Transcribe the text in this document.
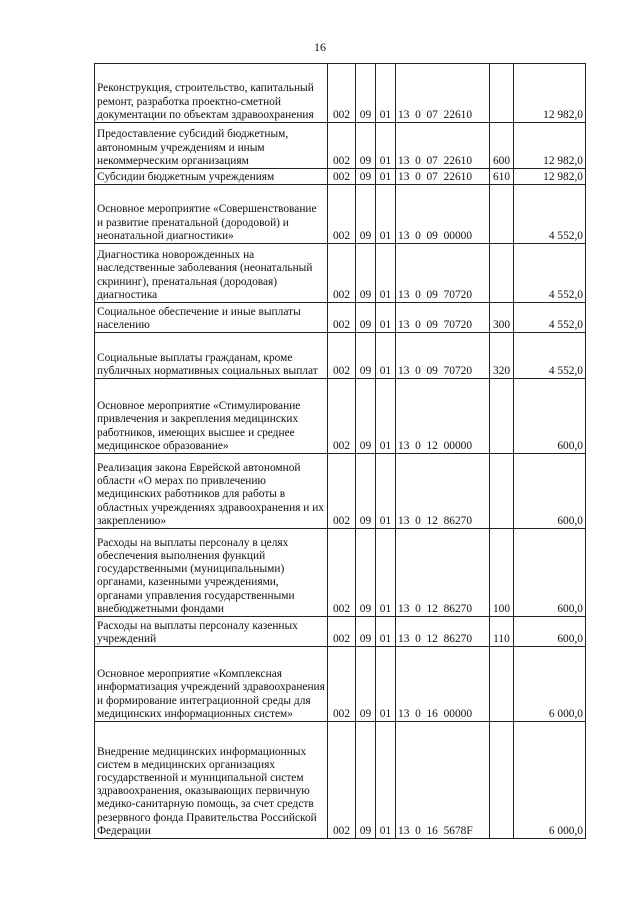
16
Реконструкция, строительство, капитальный ремонт, разработка проектно-сметной документации по объектам здравоохранения	002	09	01	13  0  07  22610		12 982,0
Предоставление субсидий бюджетным, автономным учреждениям и иным некоммерческим организациям	002	09	01	13  0  07  22610	600	12 982,0
Субсидии бюджетным учреждениям	002	09	01	13  0  07  22610	610	12 982,0
Основное мероприятие «Совершенствование и развитие пренатальной (дородовой) и неонатальной диагностики»	002	09	01	13  0  09  00000		4 552,0
Диагностика новорожденных на наследственные заболевания (неонатальный скрининг), пренатальная (дородовая) диагностика	002	09	01	13  0  09  70720		4 552,0
Социальное обеспечение и иные выплаты населению	002	09	01	13  0  09  70720	300	4 552,0
Социальные выплаты гражданам, кроме публичных нормативных социальных выплат	002	09	01	13  0  09  70720	320	4 552,0
Основное мероприятие «Стимулирование привлечения и закрепления медицинских работников, имеющих высшее и среднее медицинское образование»	002	09	01	13  0  12  00000		600,0
Реализация закона Еврейской автономной области «О мерах по привлечению медицинских работников для работы в областных учреждениях здравоохранения и их закреплению»	002	09	01	13  0  12  86270		600,0
Расходы на выплаты персоналу в целях обеспечения выполнения функций государственными (муниципальными) органами, казенными учреждениями, органами управления государственными внебюджетными фондами	002	09	01	13  0  12  86270	100	600,0
Расходы на выплаты персоналу казенных учреждений	002	09	01	13  0  12  86270	110	600,0
Основное мероприятие «Комплексная информатизация учреждений здравоохранения и формирование интеграционной среды для медицинских информационных систем»	002	09	01	13  0  16  00000		6 000,0
Внедрение медицинских информационных систем в медицинских организациях государственной и муниципальной систем здравоохранения, оказывающих первичную медико-санитарную помощь, за счет средств резервного фонда Правительства Российской Федерации	002	09	01	13  0  16  5678F		6 000,0
